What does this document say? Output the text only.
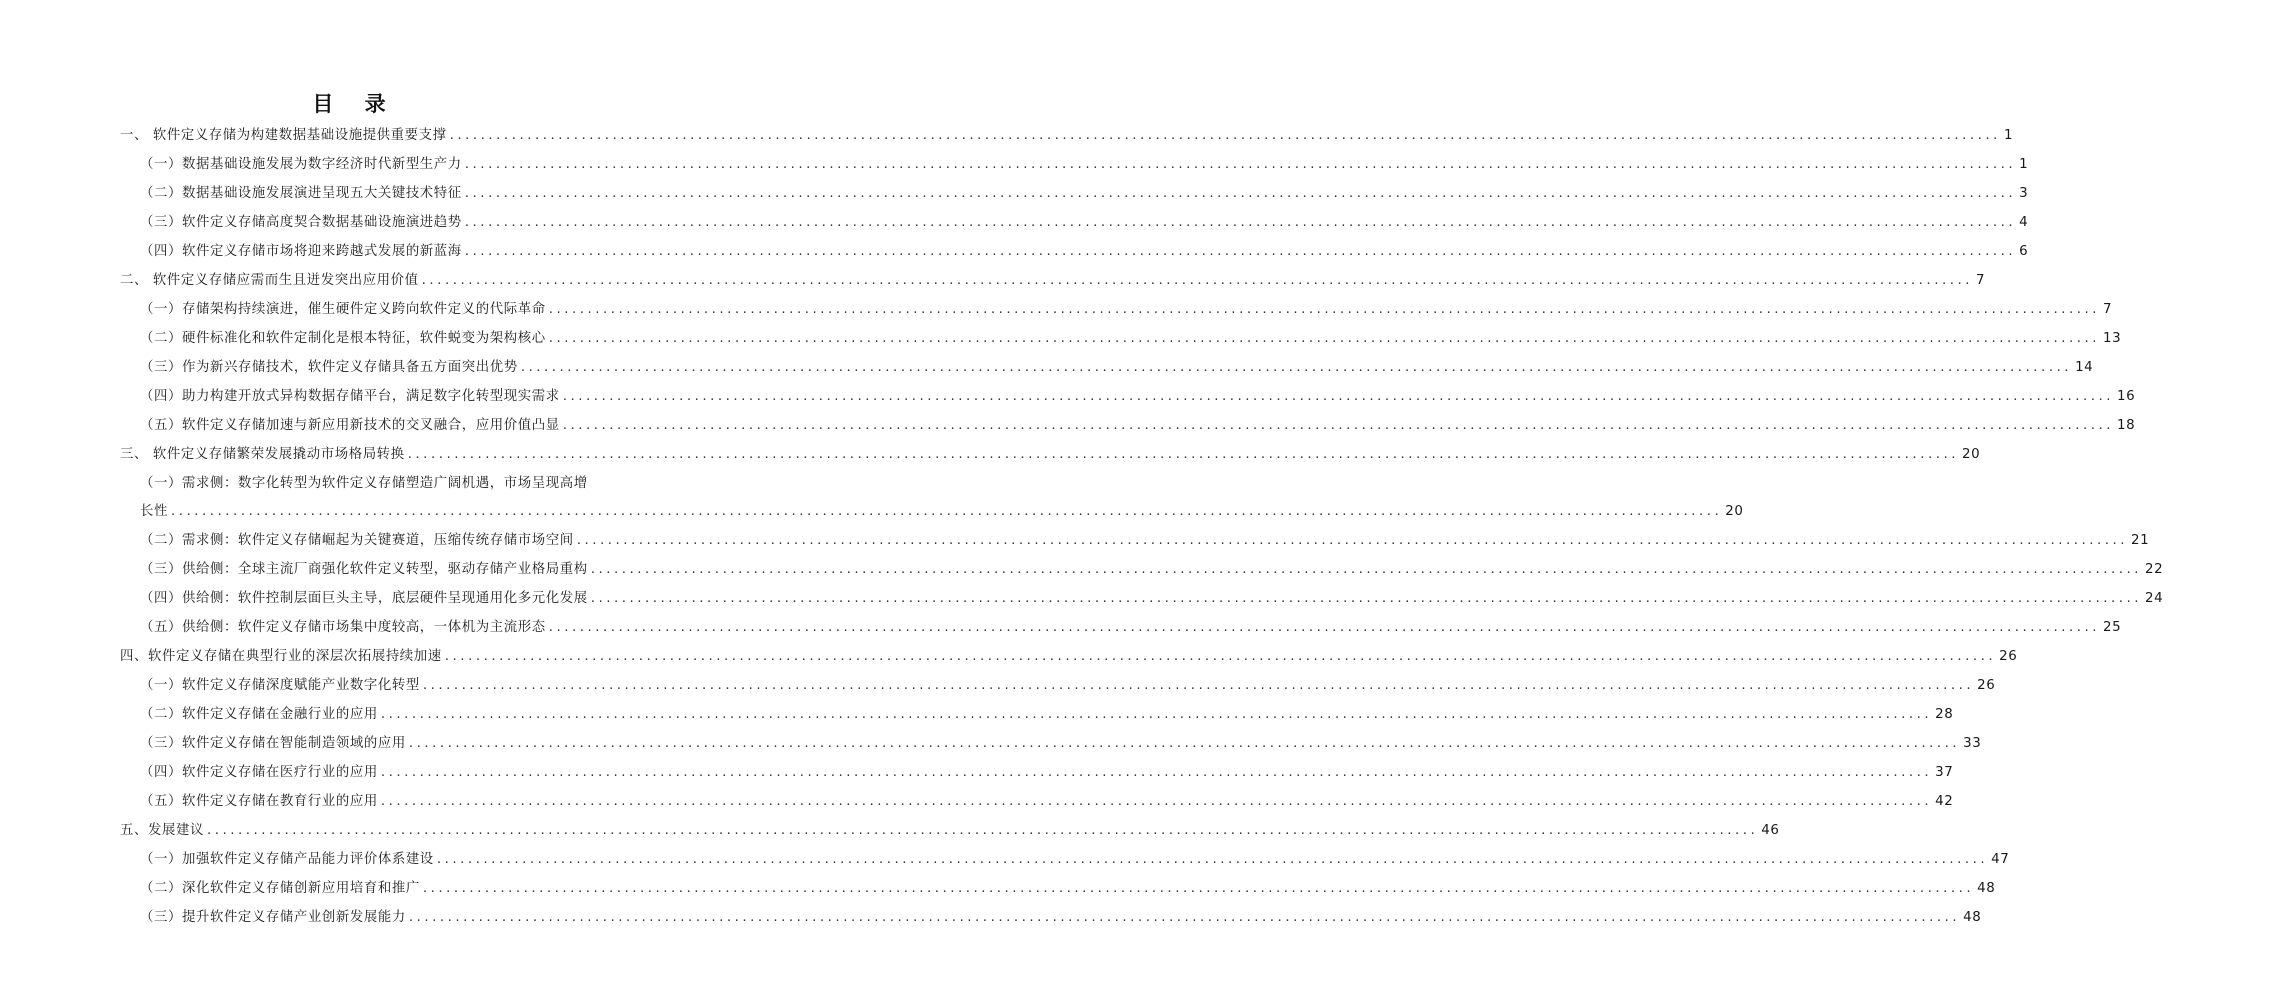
目 录
一、 软件定义存储为构建数据基础设施提供重要支撑 ........................................................................................................................................................................................................ 1
（一）数据基础设施发展为数字经济时代新型生产力 ........................................................................................................................................................................................................ 1
（二）数据基础设施发展演进呈现五大关键技术特征 ........................................................................................................................................................................................................ 3
（三）软件定义存储高度契合数据基础设施演进趋势 ........................................................................................................................................................................................................ 4
（四）软件定义存储市场将迎来跨越式发展的新蓝海 ........................................................................................................................................................................................................ 6
二、 软件定义存储应需而生且迸发突出应用价值 ........................................................................................................................................................................................................ 7
（一）存储架构持续演进，催生硬件定义跨向软件定义的代际革命 ........................................................................................................................................................................................................ 7
（二）硬件标准化和软件定制化是根本特征，软件蜕变为架构核心 ........................................................................................................................................................................................................ 13
（三）作为新兴存储技术，软件定义存储具备五方面突出优势 ........................................................................................................................................................................................................ 14
（四）助力构建开放式异构数据存储平台，满足数字化转型现实需求 ........................................................................................................................................................................................................ 16
（五）软件定义存储加速与新应用新技术的交叉融合，应用价值凸显 ........................................................................................................................................................................................................ 18
三、 软件定义存储繁荣发展撬动市场格局转换 ........................................................................................................................................................................................................ 20
（一）需求侧：数字化转型为软件定义存储塑造广阔机遇，市场呈现高增
长性 ........................................................................................................................................................................................................ 20
（二）需求侧：软件定义存储崛起为关键赛道，压缩传统存储市场空间 ........................................................................................................................................................................................................ 21
（三）供给侧：全球主流厂商强化软件定义转型，驱动存储产业格局重构 ........................................................................................................................................................................................................ 22
（四）供给侧：软件控制层面巨头主导，底层硬件呈现通用化多元化发展 ........................................................................................................................................................................................................ 24
（五）供给侧：软件定义存储市场集中度较高，一体机为主流形态 ........................................................................................................................................................................................................ 25
四、软件定义存储在典型行业的深层次拓展持续加速 ........................................................................................................................................................................................................ 26
（一）软件定义存储深度赋能产业数字化转型 ........................................................................................................................................................................................................ 26
（二）软件定义存储在金融行业的应用 ........................................................................................................................................................................................................ 28
（三）软件定义存储在智能制造领域的应用 ........................................................................................................................................................................................................ 33
（四）软件定义存储在医疗行业的应用 ........................................................................................................................................................................................................ 37
（五）软件定义存储在教育行业的应用 ........................................................................................................................................................................................................ 42
五、发展建议 ........................................................................................................................................................................................................ 46
（一）加强软件定义存储产品能力评价体系建设 ........................................................................................................................................................................................................ 47
（二）深化软件定义存储创新应用培育和推广 ........................................................................................................................................................................................................ 48
（三）提升软件定义存储产业创新发展能力 ........................................................................................................................................................................................................ 48
